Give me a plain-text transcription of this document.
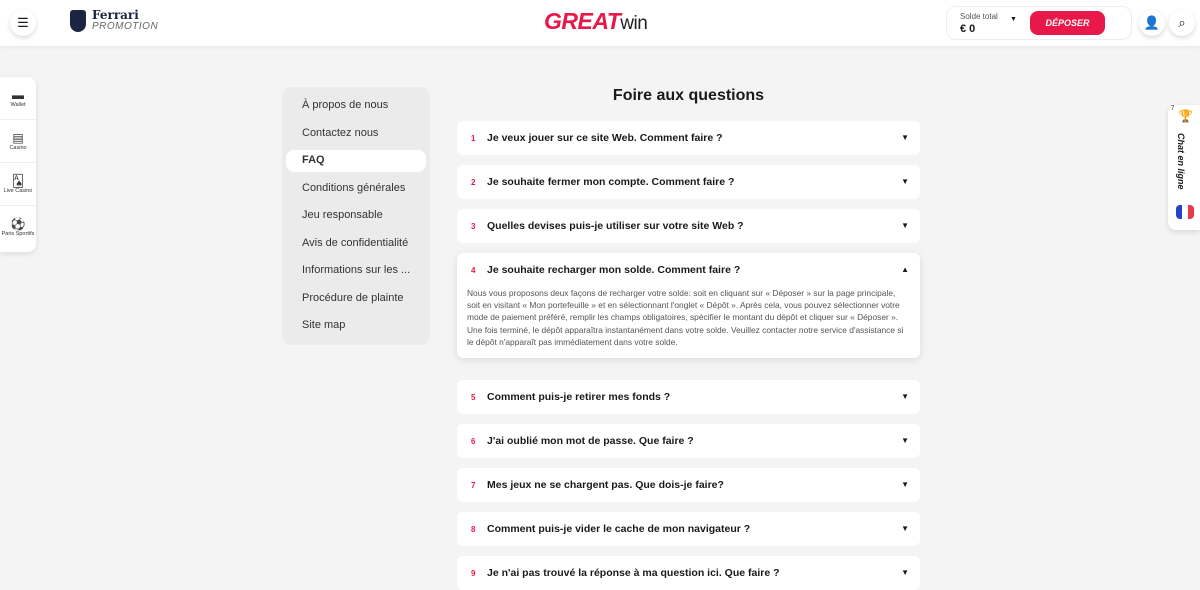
☰	Ferrari
PROMOTION	GREATwin	Solde total
€ 0
▼	DÉPOSER	👤 ⌕
▬
Wallet
▤
Casino
🂡
Live Casino
⚽
Paris Sportifs
À propos de nous
Contactez nous
FAQ
Conditions générales
Jeu responsable
Avis de confidentialité
Informations sur les ...
Procédure de plainte
Site map
Foire aux questions
1	Je veux jouer sur ce site Web. Comment faire ?	▼
2	Je souhaite fermer mon compte. Comment faire ?	▼
3	Quelles devises puis-je utiliser sur votre site Web ?	▼
4	Je souhaite recharger mon solde. Comment faire ?	▲
Nous vous proposons deux façons de recharger votre solde: soit en cliquant sur « Déposer » sur la page principale, soit en visitant « Mon portefeuille » et en sélectionnant l'onglet « Dépôt ». Après cela, vous pouvez sélectionner votre mode de paiement préféré, remplir les champs obligatoires, spécifier le montant du dépôt et cliquer sur « Déposer ». Une fois terminé, le dépôt apparaîtra instantanément dans votre solde. Veuillez contacter notre service d'assistance si le dépôt n'apparaît pas immédiatement dans votre solde.
5	Comment puis-je retirer mes fonds ?	▼
6	J'ai oublié mon mot de passe. Que faire ?	▼
7	Mes jeux ne se chargent pas. Que dois-je faire?	▼
8	Comment puis-je vider le cache de mon navigateur ?	▼
9	Je n'ai pas trouvé la réponse à ma question ici. Que faire ?	▼
7 🏆
Chat en ligne
